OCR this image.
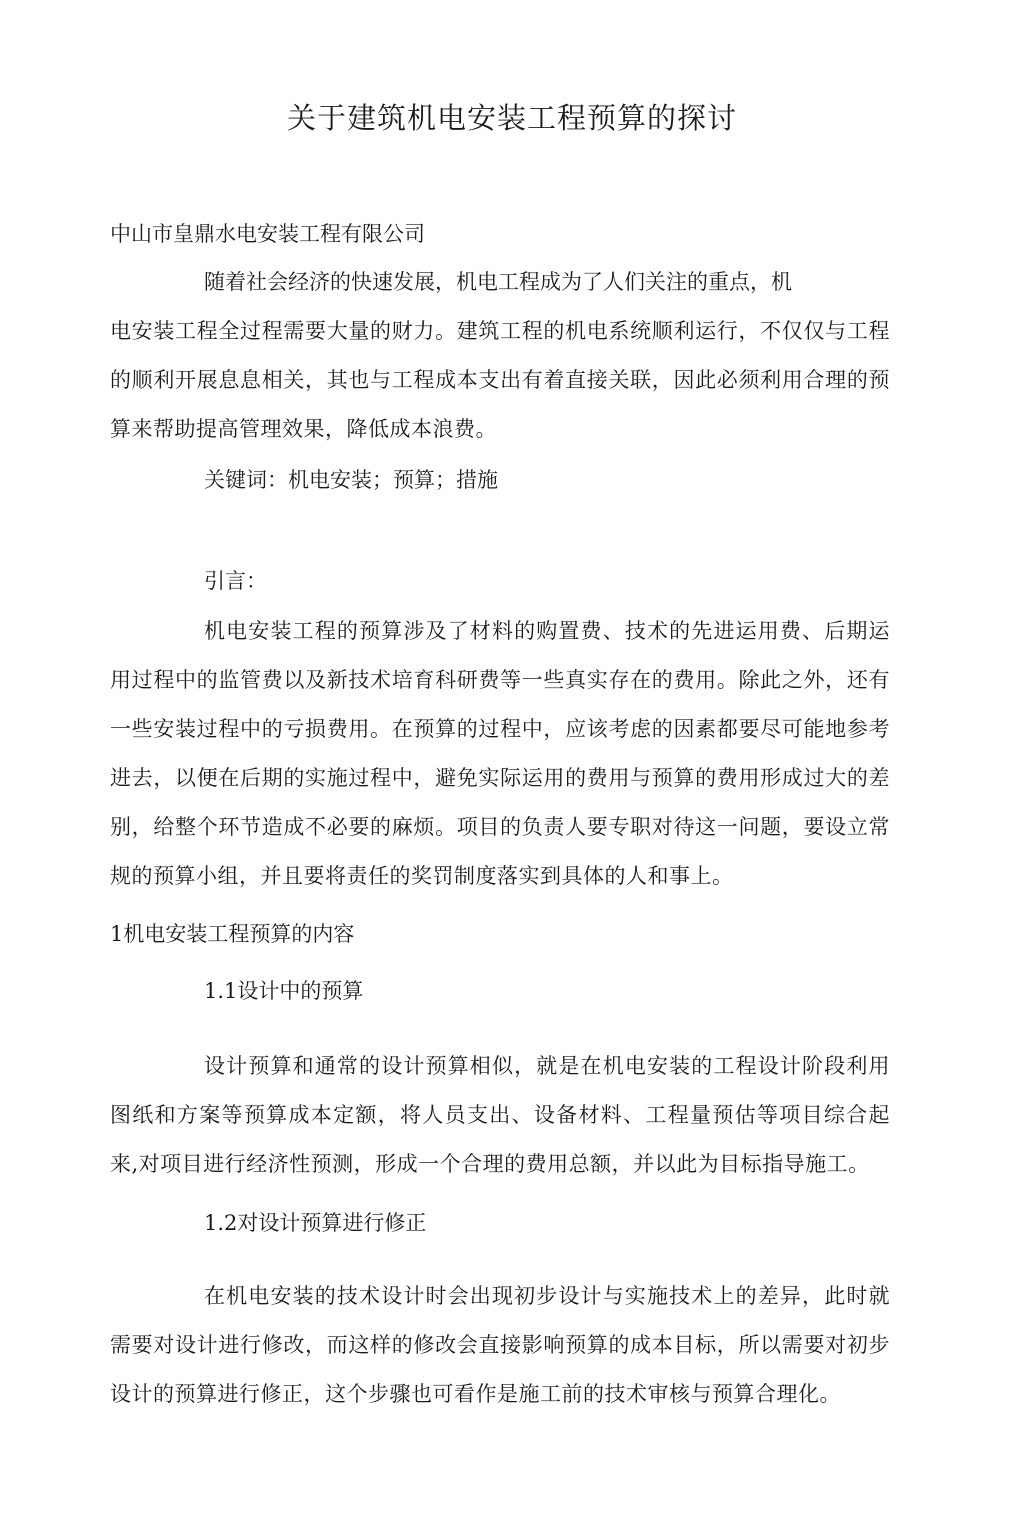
关于建筑机电安装工程预算的探讨
中山市皇鼎水电安装工程有限公司
随着社会经济的快速发展，机电工程成为了人们关注的重点，机

电安装工程全过程需要大量的财力。建筑工程的机电系统顺利运行，不仅仅与工程的顺利开展息息相关，其也与工程成本支出有着直接关联，因此必须利用合理的预算来帮助提高管理效果，降低成本浪费。

关键词：机电安装；预算；措施
引言：

机电安装工程的预算涉及了材料的购置费、技术的先进运用费、后期运用过程中的监管费以及新技术培育科研费等一些真实存在的费用。除此之外，还有一些安装过程中的亏损费用。在预算的过程中，应该考虑的因素都要尽可能地参考进去，以便在后期的实施过程中，避免实际运用的费用与预算的费用形成过大的差别，给整个环节造成不必要的麻烦。项目的负责人要专职对待这一问题，要设立常规的预算小组，并且要将责任的奖罚制度落实到具体的人和事上。

1机电安装工程预算的内容
1.1设计中的预算

设计预算和通常的设计预算相似，就是在机电安装的工程设计阶段利用图纸和方案等预算成本定额，将人员支出、设备材料、工程量预估等项目综合起来,对项目进行经济性预测，形成一个合理的费用总额，并以此为目标指导施工。

1.2对设计预算进行修正

在机电安装的技术设计时会出现初步设计与实施技术上的差异，此时就需要对设计进行修改，而这样的修改会直接影响预算的成本目标，所以需要对初步设计的预算进行修正，这个步骤也可看作是施工前的技术审核与预算合理化。
